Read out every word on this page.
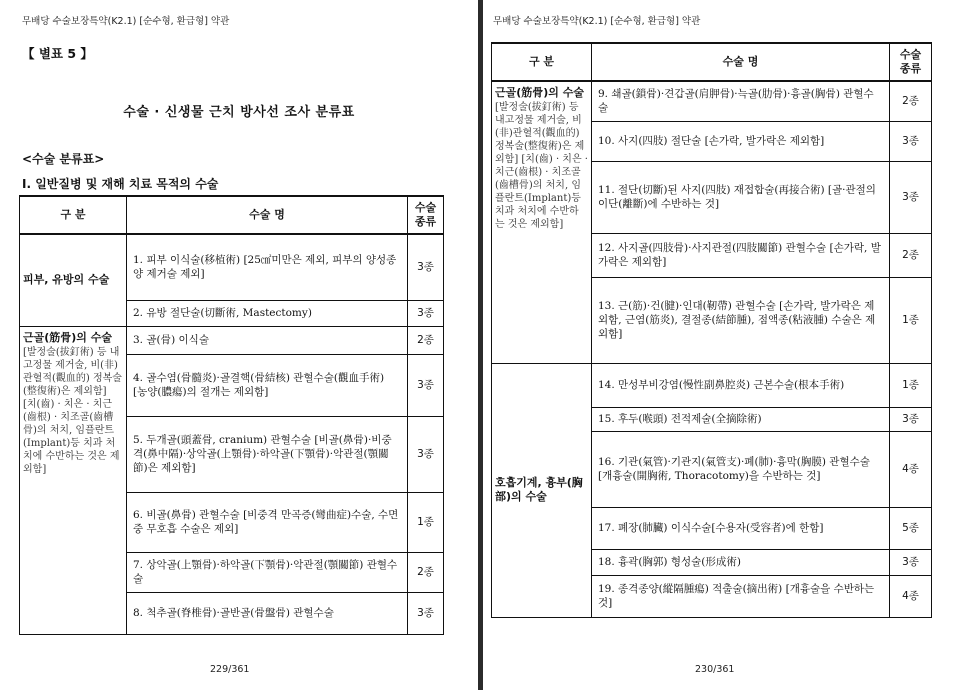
무배당 수술보장특약(K2.1) [순수형, 환급형] 약관
【 별표 5 】
수술 · 신생물 근치 방사선 조사 분류표
<수술 분류표>
Ⅰ. 일반질병 및 재해 치료 목적의 수술
구 분	수술 명	수술 종류

피부, 유방의 수술	1. 피부 이식술(移植術) [25㎠미만은 제외, 피부의 양성종양 제거술 제외]	3종

	2. 유방 절단술(切斷術, Mastectomy)	3종

근골(筋骨)의 수술
[발정술(拔釘術) 등 내고정물 제거술, 비(非)관혈적(觀血的) 정복술(整復術)은 제외함] [치(齒) · 치은 · 치근(齒根) · 치조골(齒槽骨)의 처치, 임플란트(Implant)등 치과 처치에 수반하는 것은 제외함]	3. 골(骨) 이식술	2종

	4. 골수염(骨髓炎)·골결핵(骨結核) 관혈수술(觀血手術) [농양(膿瘍)의 절개는 제외함]	3종

	5. 두개골(頭蓋骨, cranium) 관혈수술 [비골(鼻骨)·비중격(鼻中隔)·상악골(上顎骨)·하악골(下顎骨)·악관절(顎關節)은 제외함]	3종

	6. 비골(鼻骨) 관혈수술 [비중격 만곡증(彎曲症)수술, 수면중 무호흡 수술은 제외]	1종

	7. 상악골(上顎骨)·하악골(下顎骨)·악관절(顎關節) 관혈수술	2종

	8. 척추골(脊椎骨)·골반골(骨盤骨) 관혈수술	3종
229/361
무배당 수술보장특약(K2.1) [순수형, 환급형] 약관
구 분	수술 명	수술 종류

근골(筋骨)의 수술
[발정술(拔釘術) 등 내고정물 제거술, 비(非)관혈적(觀血的) 정복술(整復術)은 제외함] [치(齒) · 치은 · 치근(齒根) · 치조골(齒槽骨)의 처치, 임플란트(Implant)등 치과 처치에 수반하는 것은 제외함]	9. 쇄골(鎖骨)·견갑골(肩胛骨)·늑골(肋骨)·흉골(胸骨) 관혈수술	2종

	10. 사지(四肢) 절단술 [손가락, 발가락은 제외함]	3종

	11. 절단(切斷)된 사지(四肢) 재접합술(再接合術) [골·관절의 이단(離斷)에 수반하는 것]	3종

	12. 사지골(四肢骨)·사지관절(四肢關節) 관혈수술 [손가락, 발가락은 제외함]	2종

	13. 근(筋)·건(腱)·인대(靭帶) 관혈수술 [손가락, 발가락은 제외함, 근염(筋炎), 결절종(結節腫), 점액종(粘液腫) 수술은 제외함]	1종

호흡기계, 흉부(胸部)의 수술	14. 만성부비강염(慢性副鼻腔炎) 근본수술(根本手術)	1종

	15. 후두(喉頭) 전적제술(全摘除術)	3종

	16. 기관(氣管)·기관지(氣管支)·폐(肺)·흉막(胸膜) 관혈수술 [개흉술(開胸術, Thoracotomy)을 수반하는 것]	4종

	17. 폐장(肺臟) 이식수술[수용자(受容者)에 한함]	5종

	18. 흉곽(胸郭) 형성술(形成術)	3종

	19. 종격종양(縱隔腫瘍) 적출술(摘出術) [개흉술을 수반하는 것]	4종
230/361
